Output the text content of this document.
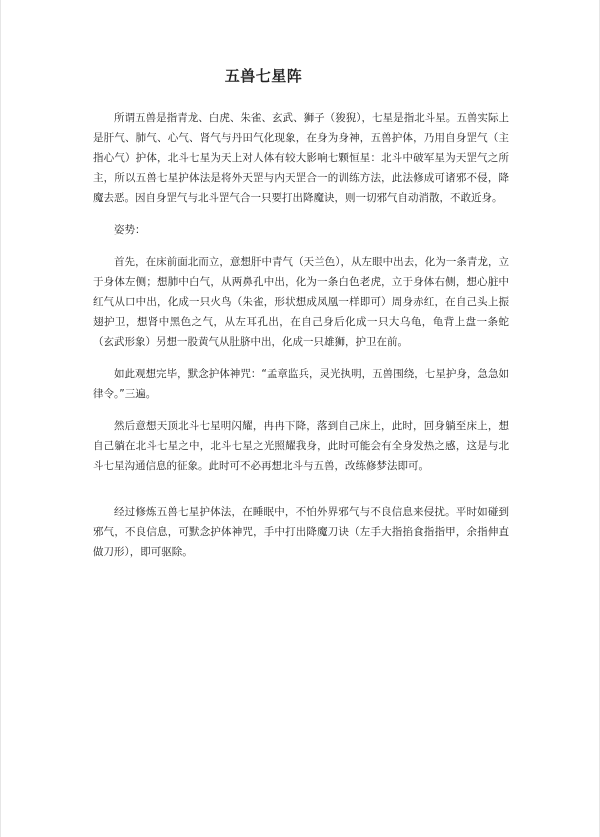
五兽七星阵

所谓五兽是指青龙、白虎、朱雀、玄武、狮子（狻猊），七星是指北斗星。五兽实际上是肝气、肺气、心气、肾气与丹田气化现象，在身为身神，五兽护体，乃用自身罡气（主指心气）护体，北斗七星为天上对人体有较大影响七颗恒星：北斗中破军星为天罡气之所主，所以五兽七星护体法是将外天罡与内天罡合一的训练方法，此法修成可诸邪不侵，降魔去恶。因自身罡气与北斗罡气合一只要打出降魔诀，则一切邪气自动消散，不敢近身。

姿势：

首先，在床前面北而立，意想肝中青气（天兰色），从左眼中出去，化为一条青龙，立于身体左侧；想肺中白气，从两鼻孔中出，化为一条白色老虎，立于身体右侧，想心脏中红气从口中出，化成一只火鸟（朱雀，形状想成凤凰一样即可）周身赤红，在自己头上振翅护卫，想肾中黑色之气，从左耳孔出，在自己身后化成一只大乌龟，龟背上盘一条蛇（玄武形象）另想一股黄气从肚脐中出，化成一只雄狮，护卫在前。

如此观想完毕，默念护体神咒：“孟章监兵，灵光执明，五兽围绕，七星护身，急急如律令。”三遍。

然后意想天顶北斗七星明闪耀，冉冉下降，落到自己床上，此时，回身躺至床上，想自己躺在北斗七星之中，北斗七星之光照耀我身，此时可能会有全身发热之感，这是与北斗七星沟通信息的征象。此时可不必再想北斗与五兽，改练修梦法即可。

经过修炼五兽七星护体法，在睡眠中，不怕外界邪气与不良信息来侵扰。平时如碰到邪气，不良信息，可默念护体神咒，手中打出降魔刀诀（左手大指掐食指指甲，余指伸直做刀形），即可驱除。
